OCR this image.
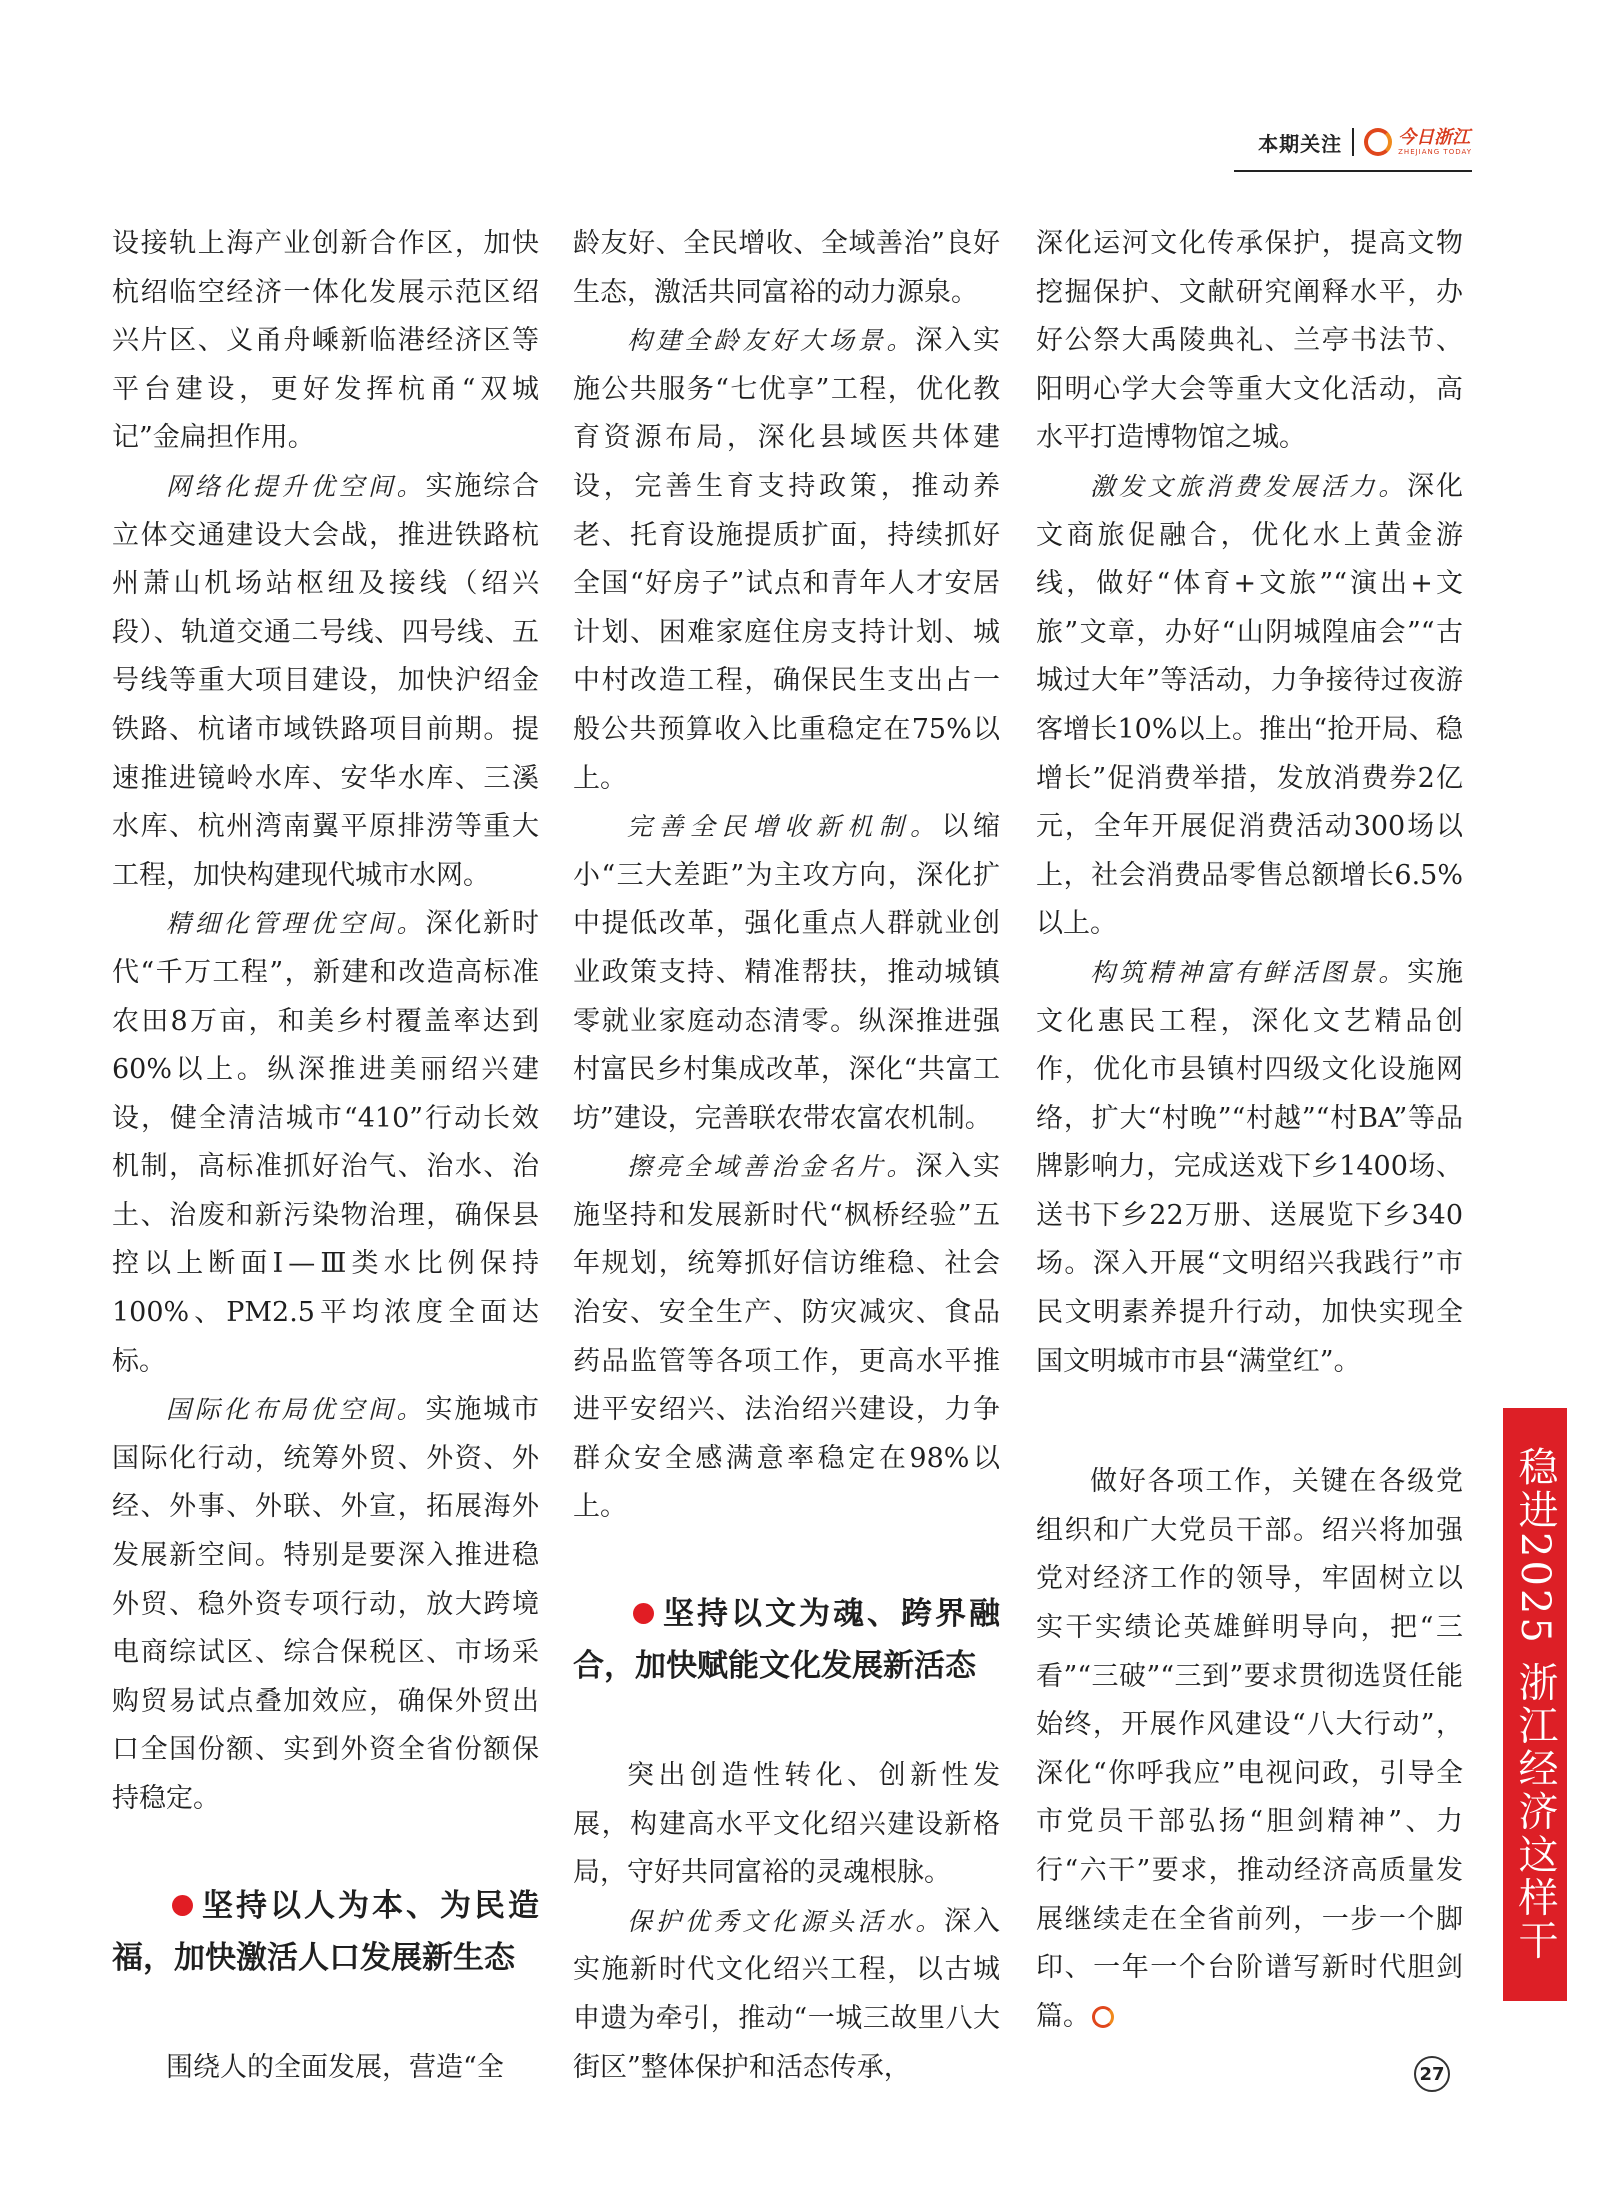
本期关注	今日浙江
ZHEJIANG TODAY

设接轨上海产业创新合作区，加快杭绍临空经济一体化发展示范区绍兴片区、义甬舟嵊新临港经济区等平台建设，更好发挥杭甬“双城记”金扁担作用。

网络化提升优空间。实施综合立体交通建设大会战，推进铁路杭州萧山机场站枢纽及接线（绍兴段）、轨道交通二号线、四号线、五号线等重大项目建设，加快沪绍金铁路、杭诸市域铁路项目前期。提速推进镜岭水库、安华水库、三溪水库、杭州湾南翼平原排涝等重大工程，加快构建现代城市水网。

精细化管理优空间。深化新时代“千万工程”，新建和改造高标准农田8万亩，和美乡村覆盖率达到60%以上。纵深推进美丽绍兴建设，健全清洁城市“410”行动长效机制，高标准抓好治气、治水、治土、治废和新污染物治理，确保县控以上断面Ⅰ—Ⅲ类水比例保持100%、PM2.5平均浓度全面达标。

国际化布局优空间。实施城市国际化行动，统筹外贸、外资、外经、外事、外联、外宣，拓展海外发展新空间。特别是要深入推进稳外贸、稳外资专项行动，放大跨境电商综试区、综合保税区、市场采购贸易试点叠加效应，确保外贸出口全国份额、实到外资全省份额保持稳定。

坚持以人为本、为民造福，加快激活人口发展新生态

围绕人的全面发展，营造“全

龄友好、全民增收、全域善治”良好生态，激活共同富裕的动力源泉。

构建全龄友好大场景。深入实施公共服务“七优享”工程，优化教育资源布局，深化县域医共体建设，完善生育支持政策，推动养老、托育设施提质扩面，持续抓好全国“好房子”试点和青年人才安居计划、困难家庭住房支持计划、城中村改造工程，确保民生支出占一般公共预算收入比重稳定在75%以上。

完善全民增收新机制。以缩小“三大差距”为主攻方向，深化扩中提低改革，强化重点人群就业创业政策支持、精准帮扶，推动城镇零就业家庭动态清零。纵深推进强村富民乡村集成改革，深化“共富工坊”建设，完善联农带农富农机制。

擦亮全域善治金名片。深入实施坚持和发展新时代“枫桥经验”五年规划，统筹抓好信访维稳、社会治安、安全生产、防灾减灾、食品药品监管等各项工作，更高水平推进平安绍兴、法治绍兴建设，力争群众安全感满意率稳定在98%以上。

坚持以文为魂、跨界融合，加快赋能文化发展新活态

突出创造性转化、创新性发展，构建高水平文化绍兴建设新格局，守好共同富裕的灵魂根脉。

保护优秀文化源头活水。深入实施新时代文化绍兴工程，以古城申遗为牵引，推动“一城三故里八大街区”整体保护和活态传承，

深化运河文化传承保护，提高文物挖掘保护、文献研究阐释水平，办好公祭大禹陵典礼、兰亭书法节、阳明心学大会等重大文化活动，高水平打造博物馆之城。

激发文旅消费发展活力。深化文商旅促融合，优化水上黄金游线，做好“体育+文旅”“演出+文旅”文章，办好“山阴城隍庙会”“古城过大年”等活动，力争接待过夜游客增长10%以上。推出“抢开局、稳增长”促消费举措，发放消费券2亿元，全年开展促消费活动300场以上，社会消费品零售总额增长6.5%以上。

构筑精神富有鲜活图景。实施文化惠民工程，深化文艺精品创作，优化市县镇村四级文化设施网络，扩大“村晚”“村越”“村BA”等品牌影响力，完成送戏下乡1400场、送书下乡22万册、送展览下乡340场。深入开展“文明绍兴我践行”市民文明素养提升行动，加快实现全国文明城市市县“满堂红”。

做好各项工作，关键在各级党组织和广大党员干部。绍兴将加强党对经济工作的领导，牢固树立以实干实绩论英雄鲜明导向，把“三看”“三破”“三到”要求贯彻选贤任能始终，开展作风建设“八大行动”，深化“你呼我应”电视问政，引导全市党员干部弘扬“胆剑精神”、力行“六干”要求，推动经济高质量发展继续走在全省前列，一步一个脚印、一年一个台阶谱写新时代胆剑篇。

稳进2025 浙江经济这样干
27
